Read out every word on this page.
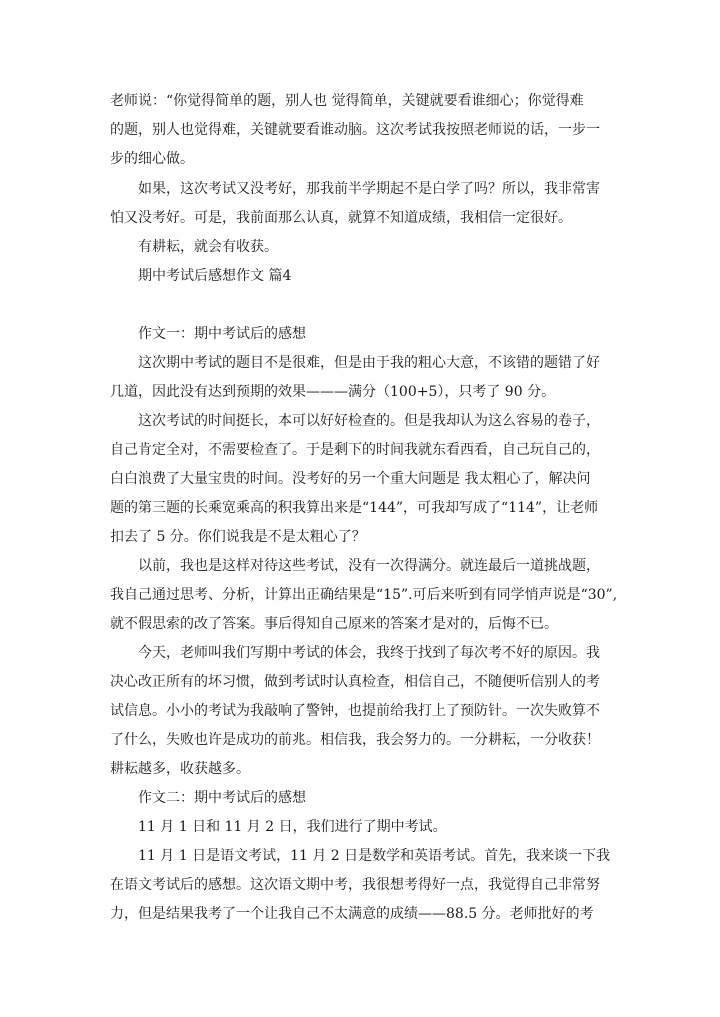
老师说：“你觉得简单的题，别人也 觉得简单，关键就要看谁细心；你觉得难
的题，别人也觉得难，关键就要看谁动脑。这次考试我按照老师说的话，一步一
步的细心做。
如果，这次考试又没考好，那我前半学期起不是白学了吗？所以，我非常害
怕又没考好。可是，我前面那么认真，就算不知道成绩，我相信一定很好。
有耕耘，就会有收获。
期中考试后感想作文 篇4
作文一：期中考试后的感想
这次期中考试的题目不是很难，但是由于我的粗心大意，不该错的题错了好
几道，因此没有达到预期的效果———满分（100+5），只考了 90 分。
这次考试的时间挺长，本可以好好检查的。但是我却认为这么容易的卷子，
自己肯定全对，不需要检查了。于是剩下的时间我就东看西看，自己玩自己的，
白白浪费了大量宝贵的时间。没考好的另一个重大问题是 我太粗心了，解决问
题的第三题的长乘宽乘高的积我算出来是“144”，可我却写成了“114”，让老师
扣去了 5 分。你们说我是不是太粗心了？
以前，我也是这样对待这些考试，没有一次得满分。就连最后一道挑战题，
我自己通过思考、分析，计算出正确结果是“15”.可后来听到有同学悄声说是“30”,
就不假思索的改了答案。事后得知自己原来的答案才是对的，后悔不已。
今天，老师叫我们写期中考试的体会，我终于找到了每次考不好的原因。我
决心改正所有的坏习惯，做到考试时认真检查，相信自己，不随便听信别人的考
试信息。小小的考试为我敲响了警钟，也提前给我打上了预防针。一次失败算不
了什么，失败也许是成功的前兆。相信我，我会努力的。一分耕耘，一分收获！
耕耘越多，收获越多。
作文二：期中考试后的感想
11 月 1 日和 11 月 2 日，我们进行了期中考试。
11 月 1 日是语文考试，11 月 2 日是数学和英语考试。首先，我来谈一下我
在语文考试后的感想。这次语文期中考，我很想考得好一点，我觉得自己非常努
力，但是结果我考了一个让我自己不太满意的成绩——88.5 分。老师批好的考
